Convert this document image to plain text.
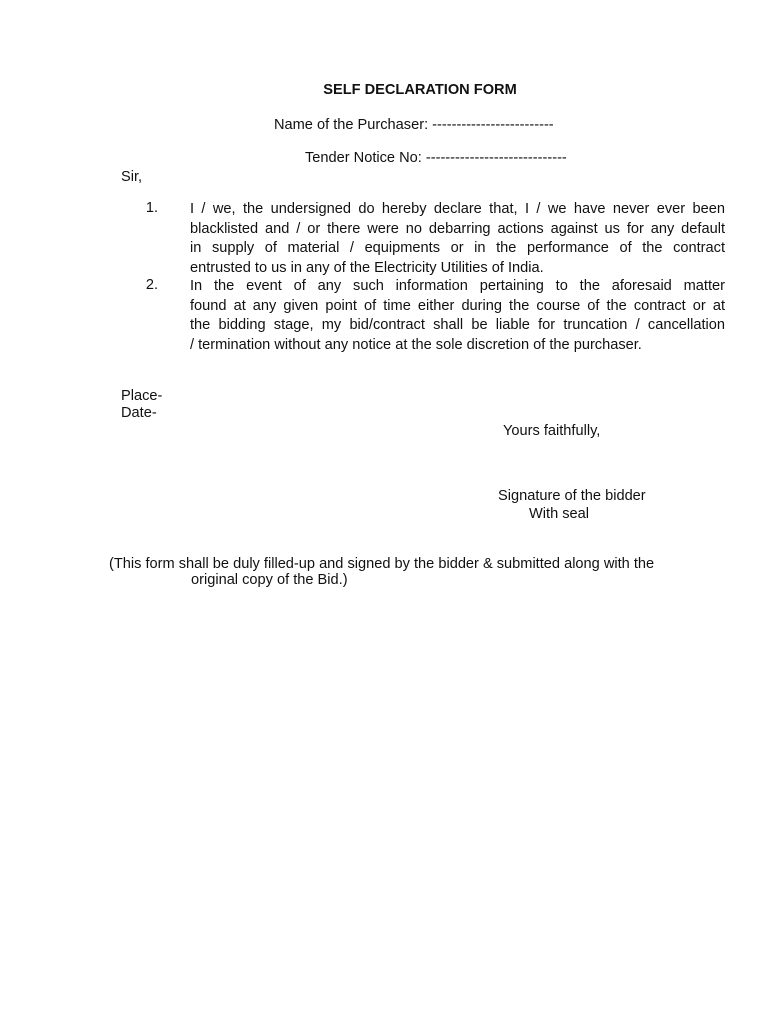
SELF DECLARATION FORM
Name of the Purchaser: -------------------------
Tender Notice No: -----------------------------
Sir,
1. I / we, the undersigned do hereby declare that, I / we have never ever been
blacklisted and / or there were no debarring actions against us for any default
in supply of material / equipments or in the performance of the contract
entrusted to us in any of the Electricity Utilities of India.
2. In the event of any such information pertaining to the aforesaid matter
found at any given point of time either during the course of the contract or at
the bidding stage, my bid/contract shall be liable for truncation / cancellation
/ termination without any notice at the sole discretion of the purchaser.
Place-
Date-
Yours faithfully,
Signature of the bidder
With seal
(This form shall be duly filled-up and signed by the bidder & submitted along with the
original copy of the Bid.)
